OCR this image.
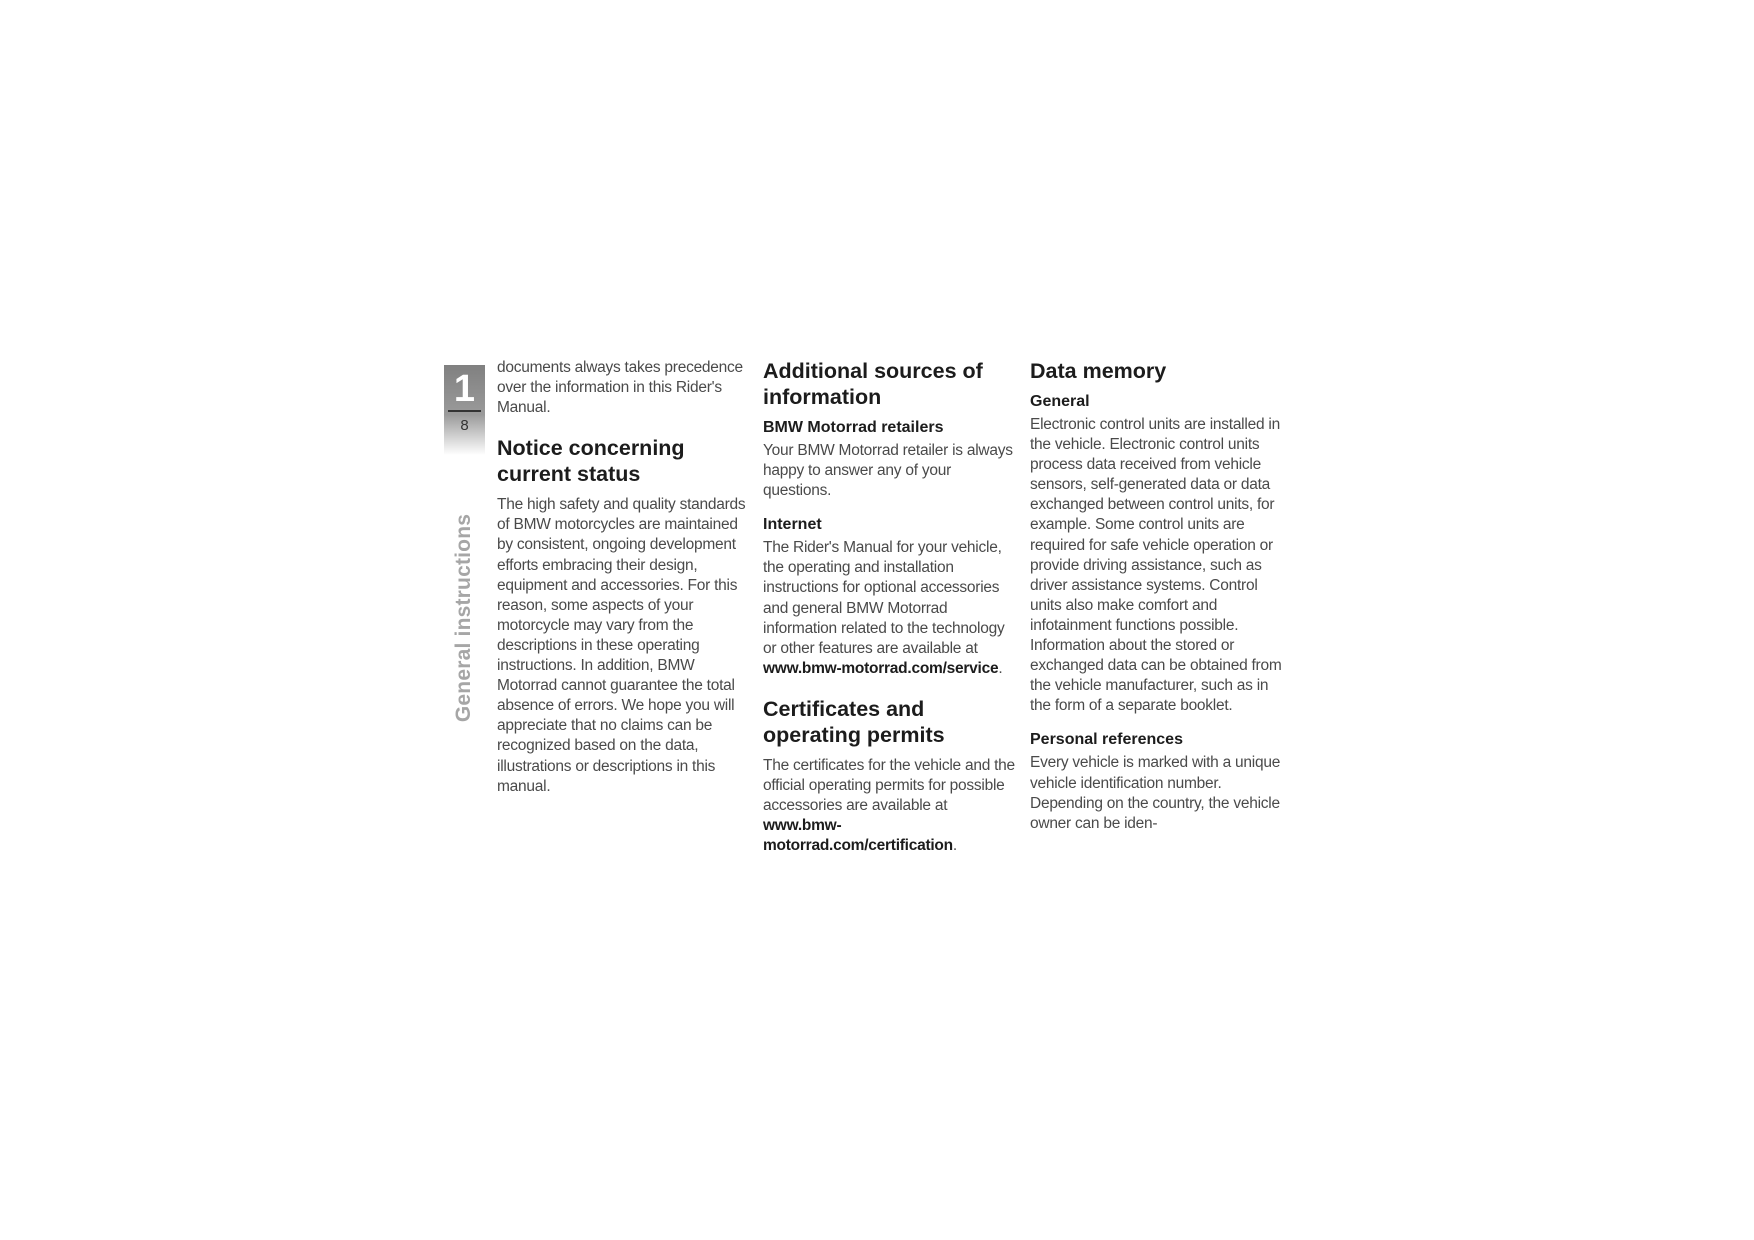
1
8
General instructions

documents always takes precedence over the information in this Rider's Manual.

Notice concerning current status

The high safety and quality standards of BMW motorcycles are maintained by consistent, ongoing development efforts embracing their design, equipment and accessories. For this reason, some aspects of your motorcycle may vary from the descriptions in these operating instructions. In addition, BMW Motorrad cannot guarantee the total absence of errors. We hope you will appreciate that no claims can be recognized based on the data, illustrations or descriptions in this manual.

Additional sources of information
BMW Motorrad retailers

Your BMW Motorrad retailer is always happy to answer any of your questions.

Internet

The Rider's Manual for your vehicle, the operating and installation instructions for optional accessories and general BMW Motorrad information related to the technology or other features are available at www.bmw-motorrad.com/service.

Certificates and operating permits

The certificates for the vehicle and the official operating permits for possible accessories are available at www.bmw-motorrad.com/certification.

Data memory
General

Electronic control units are installed in the vehicle. Electronic control units process data received from vehicle sensors, self-generated data or data exchanged between control units, for example. Some control units are required for safe vehicle operation or provide driving assistance, such as driver assistance systems. Control units also make comfort and infotainment functions possible.

Information about the stored or exchanged data can be obtained from the vehicle manufacturer, such as in the form of a separate booklet.

Personal references

Every vehicle is marked with a unique vehicle identification number. Depending on the country, the vehicle owner can be iden-
